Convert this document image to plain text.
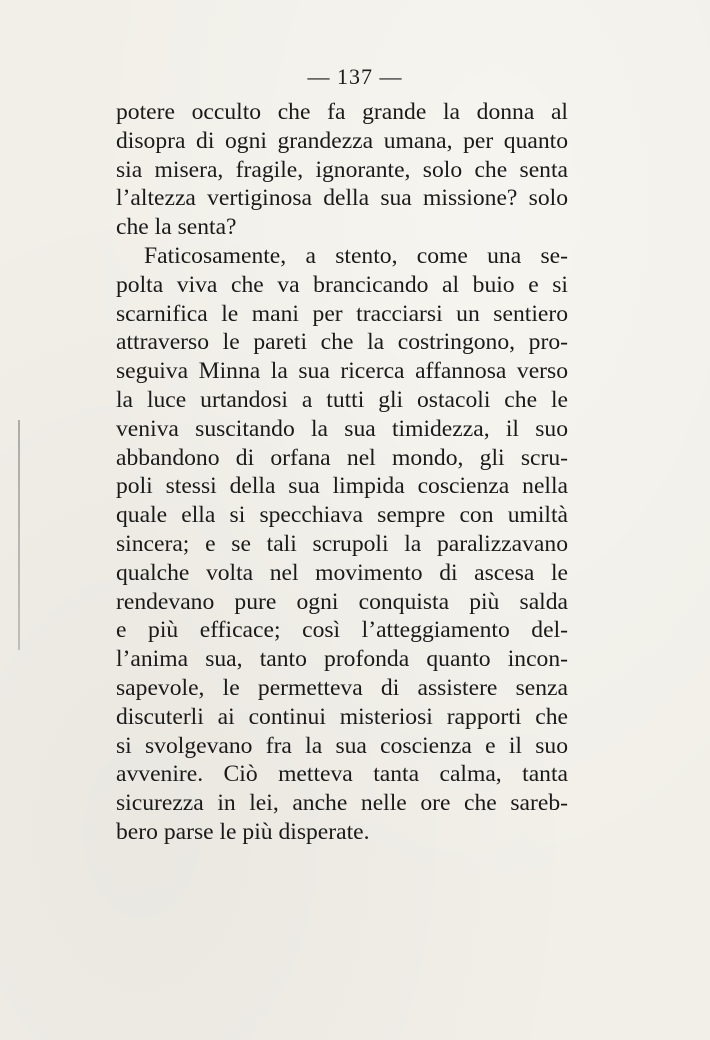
— 137 —
potere occulto che fa grande la donna al
disopra di ogni grandezza umana, per quanto
sia misera, fragile, ignorante, solo che senta
l’altezza vertiginosa della sua missione? solo
che la senta?
Faticosamente, a stento, come una se-
polta viva che va brancicando al buio e si
scarnifica le mani per tracciarsi un sentiero
attraverso le pareti che la costringono, pro-
seguiva Minna la sua ricerca affannosa verso
la luce urtandosi a tutti gli ostacoli che le
veniva suscitando la sua timidezza, il suo
abbandono di orfana nel mondo, gli scru-
poli stessi della sua limpida coscienza nella
quale ella si specchiava sempre con umiltà
sincera; e se tali scrupoli la paralizzavano
qualche volta nel movimento di ascesa le
rendevano pure ogni conquista più salda
e più efficace; così l’atteggiamento del-
l’anima sua, tanto profonda quanto incon-
sapevole, le permetteva di assistere senza
discuterli ai continui misteriosi rapporti che
si svolgevano fra la sua coscienza e il suo
avvenire. Ciò metteva tanta calma, tanta
sicurezza in lei, anche nelle ore che sareb-
bero parse le più disperate.
